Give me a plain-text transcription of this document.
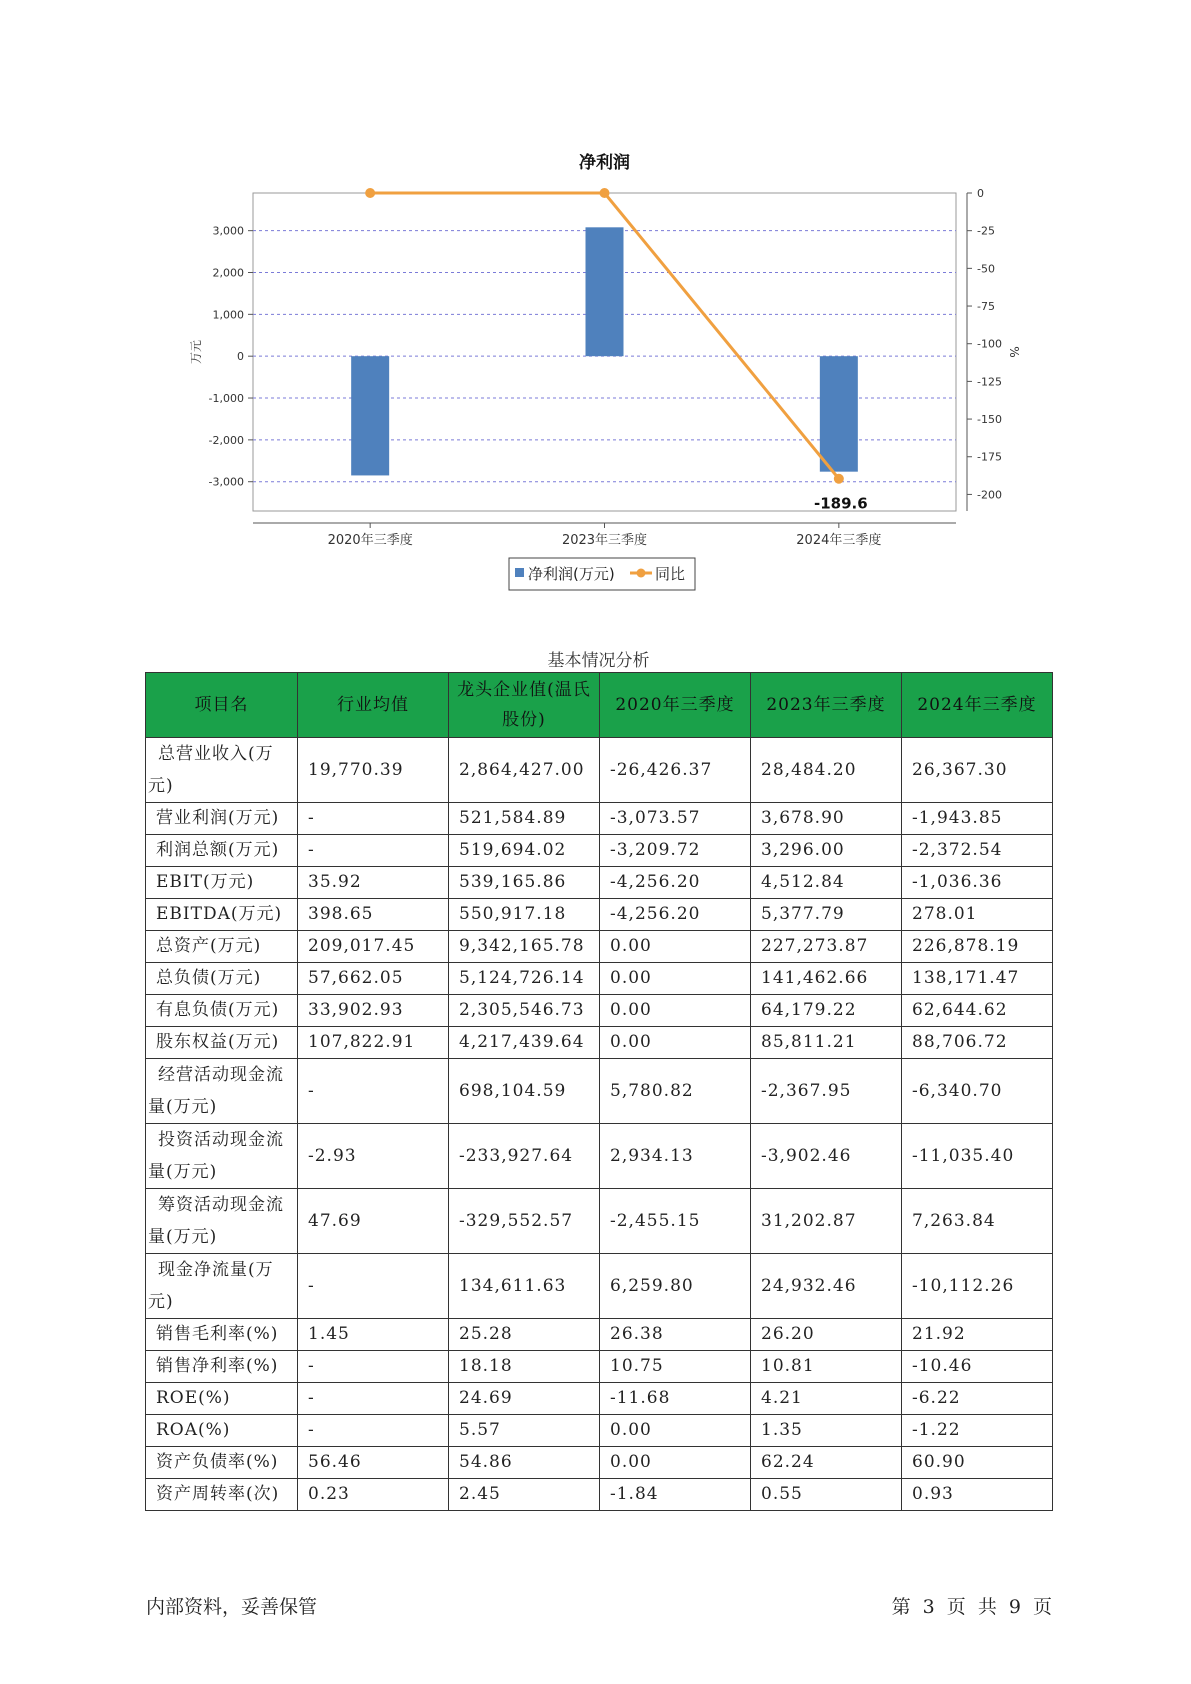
-3,000
-2,000
-1,000
0
1,000
2,000
3,000
0
-25
-50
-75
-100
-125
-150
-175
-200
2020年三季度	2023年三季度	2024年三季度
-189.6
净利润
万元	%
净利润(万元)	同比
基本情况分析
项目名	行业均值	龙头企业值(温氏股份)	2020年三季度	2023年三季度	2024年三季度

总营业收入(万
元)	19,770.39	2,864,427.00	-26,426.37	28,484.20	26,367.30
营业利润(万元)	-	521,584.89	-3,073.57	3,678.90	-1,943.85
利润总额(万元)	-	519,694.02	-3,209.72	3,296.00	-2,372.54
EBIT(万元)	35.92	539,165.86	-4,256.20	4,512.84	-1,036.36
EBITDA(万元)	398.65	550,917.18	-4,256.20	5,377.79	278.01
总资产(万元)	209,017.45	9,342,165.78	0.00	227,273.87	226,878.19
总负债(万元)	57,662.05	5,124,726.14	0.00	141,462.66	138,171.47
有息负债(万元)	33,902.93	2,305,546.73	0.00	64,179.22	62,644.62
股东权益(万元)	107,822.91	4,217,439.64	0.00	85,811.21	88,706.72

经营活动现金流
量(万元)	-	698,104.59	5,780.82	-2,367.95	-6,340.70

投资活动现金流
量(万元)	-2.93	-233,927.64	2,934.13	-3,902.46	-11,035.40

筹资活动现金流
量(万元)	47.69	-329,552.57	-2,455.15	31,202.87	7,263.84

现金净流量(万
元)	-	134,611.63	6,259.80	24,932.46	-10,112.26
销售毛利率(%)	1.45	25.28	26.38	26.20	21.92
销售净利率(%)	-	18.18	10.75	10.81	-10.46
ROE(%)	-	24.69	-11.68	4.21	-6.22
ROA(%)	-	5.57	0.00	1.35	-1.22
资产负债率(%)	56.46	54.86	0.00	62.24	60.90
资产周转率(次)	0.23	2.45	-1.84	0.55	0.93
内部资料，妥善保管	第 3 页 共 9 页
